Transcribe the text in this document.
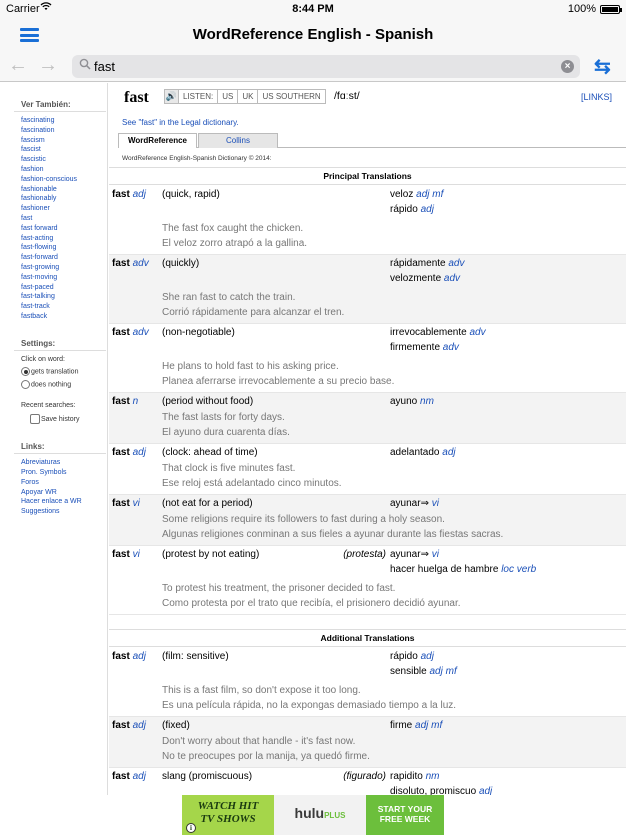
Carrier	8:44 PM	100%
WordReference English - Spanish
← →
fast	× ⇆
Ver También:
fascinating
fascination
fascism
fascist
fascistic
fashion
fashion-conscious
fashionable
fashionably
fashioner
fast
fast forward
fast-acting
fast-flowing
fast-forward
fast-growing
fast-moving
fast-paced
fast-talking
fast-track
fastback
Settings:
Click on word:
gets translation
does nothing
Recent searches:
Save history
Links:
Abreviaturas
Pron. Symbols
Foros
Apoyar WR
Hacer enlace a WR
Suggestions
fast 🔊 LISTEN:	US	UK	US SOUTHERN	/fɑːst/	[LINKS]
See "fast" in the Legal dictionary.
WordReference	Collins
WordReference English-Spanish Dictionary © 2014:
Principal Translations
fast adj (quick, rapid)	veloz adj mf
rápido adj
The fast fox caught the chicken.
El veloz zorro atrapó a la gallina.
fast adv (quickly)	rápidamente adv
velozmente adv
She ran fast to catch the train.
Corrió rápidamente para alcanzar el tren.
fast adv (non-negotiable)	irrevocablemente adv
firmemente adv
He plans to hold fast to his asking price.
Planea aferrarse irrevocablemente a su precio base.
fast n (period without food)	ayuno nm
The fast lasts for forty days.
El ayuno dura cuarenta días.
fast adj (clock: ahead of time)	adelantado adj
That clock is five minutes fast.
Ese reloj está adelantado cinco minutos.
fast vi (not eat for a period)	ayunar⇒ vi
Some religions require its followers to fast during a holy season.
Algunas religiones conminan a sus fieles a ayunar durante las fiestas sacras.
fast vi (protest by not eating)	(protesta) ayunar⇒ vi
hacer huelga de hambre loc verb
To protest his treatment, the prisoner decided to fast.
Como protesta por el trato que recibía, el prisionero decidió ayunar.
Additional Translations
fast adj (film: sensitive)	rápido adj
sensible adj mf
This is a fast film, so don't expose it too long.
Es una película rápida, no la expongas demasiado tiempo a la luz.
fast adj (fixed)	firme adj mf
Don't worry about that handle - it's fast now.
No te preocupes por la manija, ya quedó firme.
fast adj slang (promiscuous)	(figurado) rapidito nm
disoluto, promiscuo adj
WATCH HIT
TV SHOWS
i
huluPLUS
START YOUR
FREE WEEK
